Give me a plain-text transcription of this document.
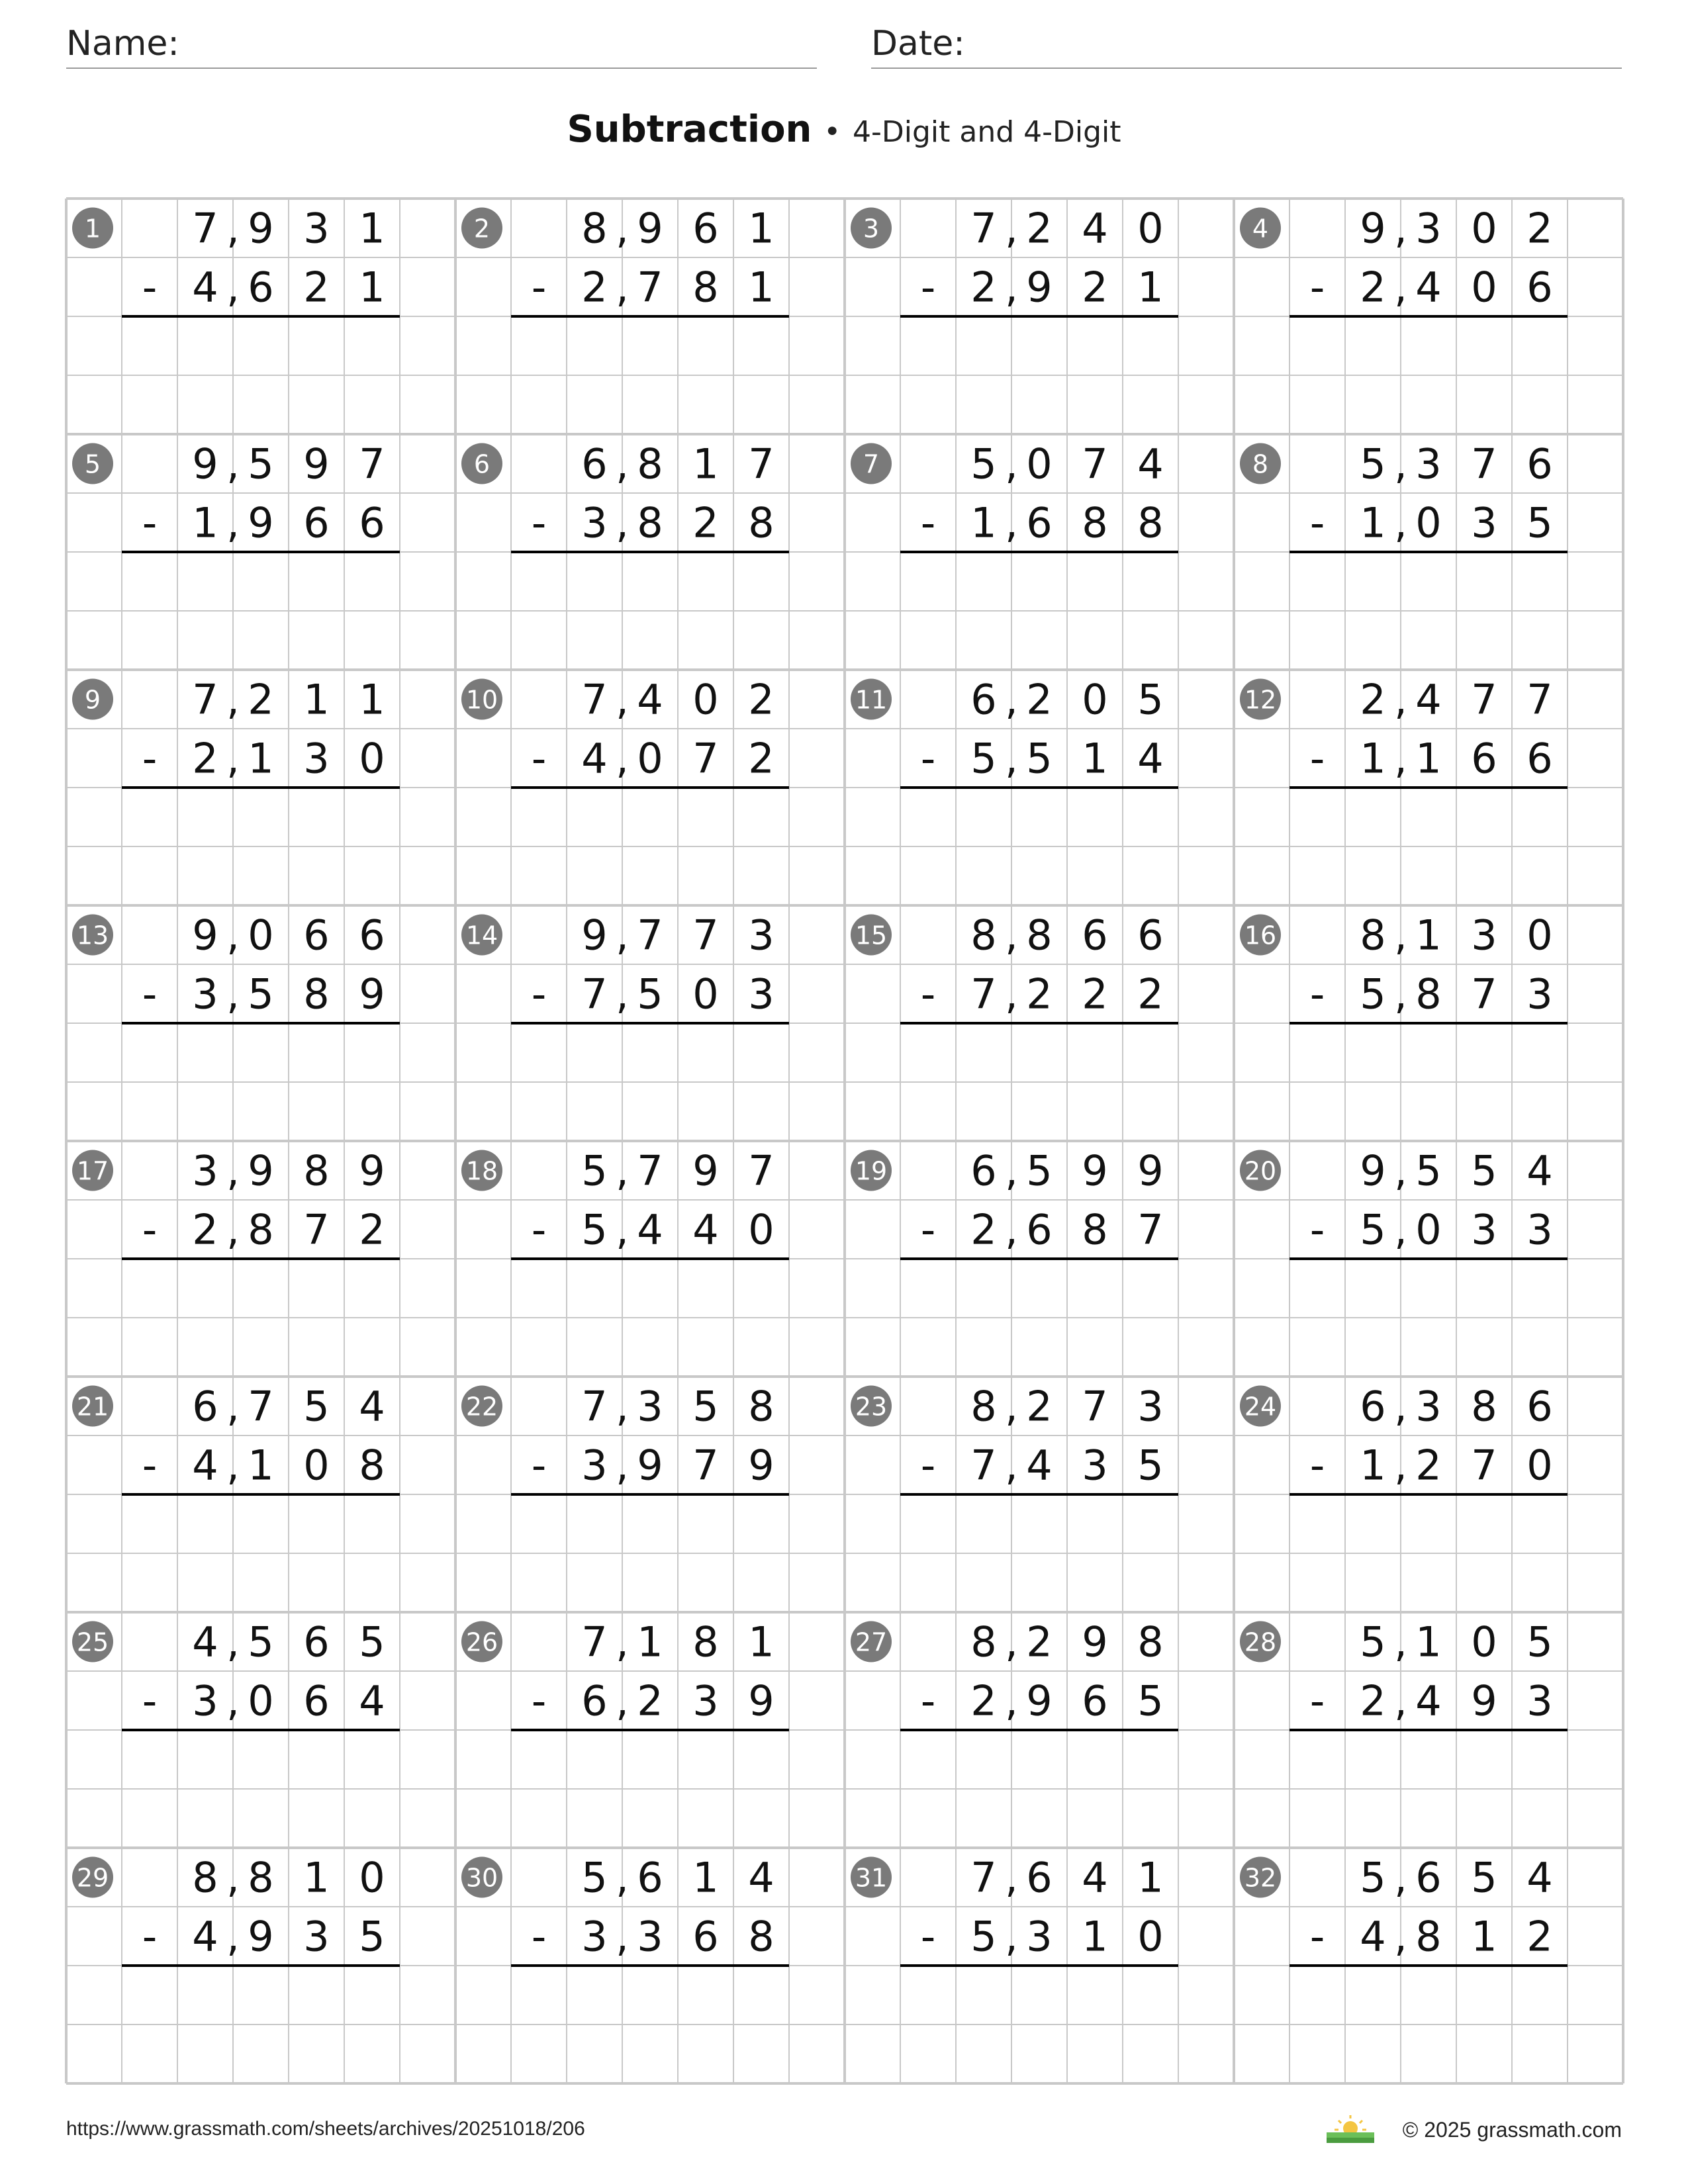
Name:	Date:
Subtraction • 4-Digit and 4-Digit
1 7 9 3 1
,
4 6 2 1
,
-
2 8 9 6 1
,
2 7 8 1
,
-
3 7 2 4 0
,
2 9 2 1
,
-
4 9 3 0 2
,
2 4 0 6
,
-
5 9 5 9 7
,
1 9 6 6
,
-
6 6 8 1 7
,
3 8 2 8
,
-
7 5 0 7 4
,
1 6 8 8
,
-
8 5 3 7 6
,
1 0 3 5
,
-
9 7 2 1 1
,
2 1 3 0
,
-
10 7 4 0 2
,
4 0 7 2
,
-
11 6 2 0 5
,
5 5 1 4
,
-
12 2 4 7 7
,
1 1 6 6
,
-
13 9 0 6 6
,
3 5 8 9
,
-
14 9 7 7 3
,
7 5 0 3
,
-
15 8 8 6 6
,
7 2 2 2
,
-
16 8 1 3 0
,
5 8 7 3
,
-
17 3 9 8 9
,
2 8 7 2
,
-
18 5 7 9 7
,
5 4 4 0
,
-
19 6 5 9 9
,
2 6 8 7
,
-
20 9 5 5 4
,
5 0 3 3
,
-
21 6 7 5 4
,
4 1 0 8
,
-
22 7 3 5 8
,
3 9 7 9
,
-
23 8 2 7 3
,
7 4 3 5
,
-
24 6 3 8 6
,
1 2 7 0
,
-
25 4 5 6 5
,
3 0 6 4
,
-
26 7 1 8 1
,
6 2 3 9
,
-
27 8 2 9 8
,
2 9 6 5
,
-
28 5 1 0 5
,
2 4 9 3
,
-
29 8 8 1 0
,
4 9 3 5
,
-
30 5 6 1 4
,
3 3 6 8
,
-
31 7 6 4 1
,
5 3 1 0
,
-
32 5 6 5 4
,
4 8 1 2
,
-
https://www.grassmath.com/sheets/archives/20251018/206	© 2025 grassmath.com
